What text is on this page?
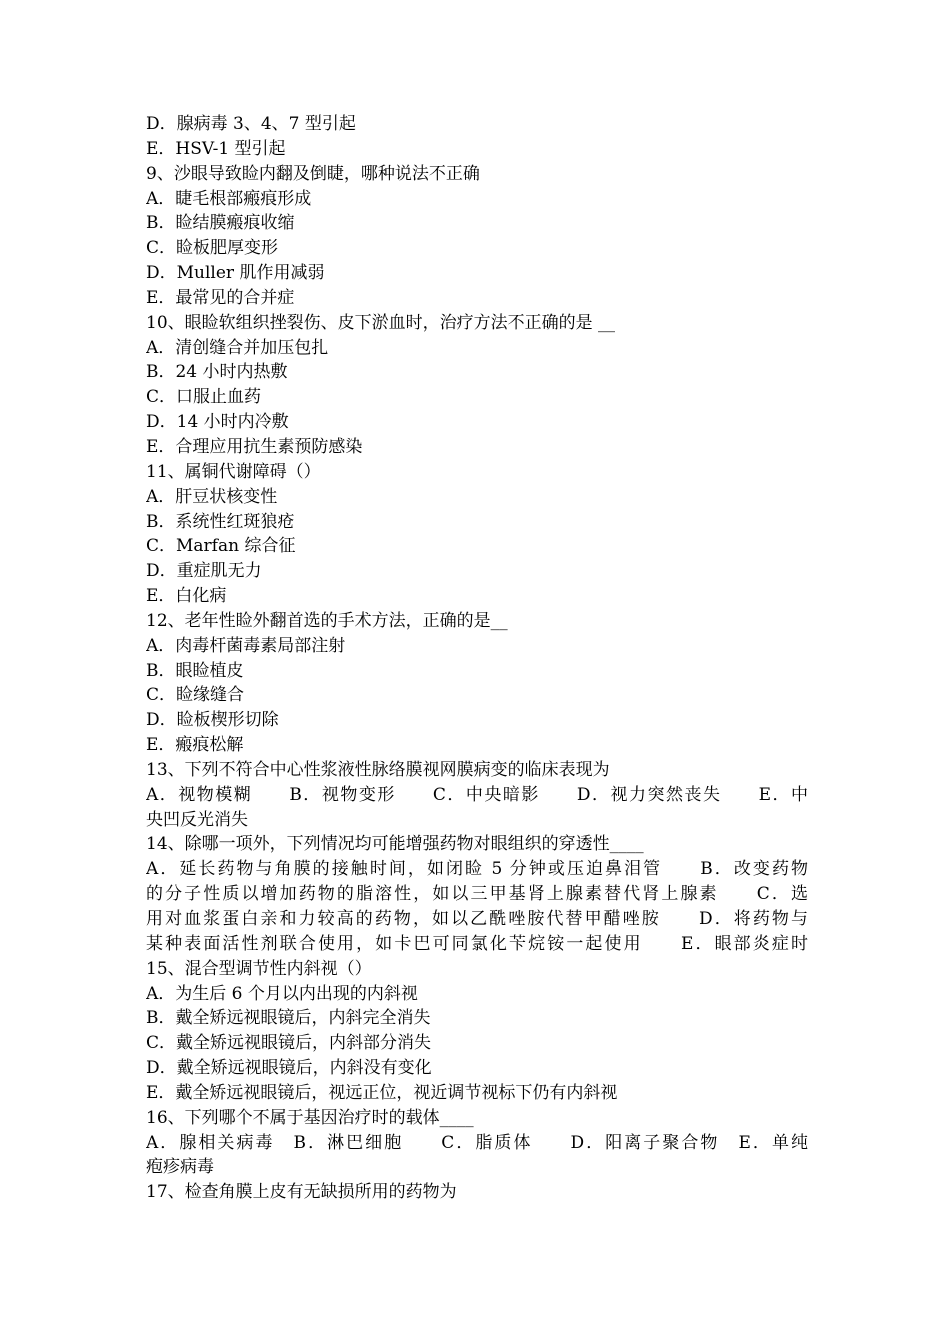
D．腺病毒 3、4、7 型引起
E．HSV-1 型引起
9、沙眼导致睑内翻及倒睫，哪种说法不正确
A．睫毛根部瘢痕形成
B．睑结膜瘢痕收缩
C．睑板肥厚变形
D．Muller 肌作用减弱
E．最常见的合并症
10、眼睑软组织挫裂伤、皮下淤血时，治疗方法不正确的是 __
A．清创缝合并加压包扎
B．24 小时内热敷
C．口服止血药
D．14 小时内冷敷
E．合理应用抗生素预防感染
11、属铜代谢障碍（）
A．肝豆状核变性
B．系统性红斑狼疮
C．Marfan 综合征
D．重症肌无力
E．白化病
12、老年性睑外翻首选的手术方法，正确的是__
A．肉毒杆菌毒素局部注射
B．眼睑植皮
C．睑缘缝合
D．睑板楔形切除
E．瘢痕松解
13、下列不符合中心性浆液性脉络膜视网膜病变的临床表现为
A．视物模糊　　B．视物变形　　C．中央暗影　　D．视力突然丧失　　E．中
央凹反光消失
14、除哪一项外，下列情况均可能增强药物对眼组织的穿透性____
A．延长药物与角膜的接触时间，如闭睑 5 分钟或压迫鼻泪管　　B．改变药物
的分子性质以增加药物的脂溶性，如以三甲基肾上腺素替代肾上腺素　　C．选
用对血浆蛋白亲和力较高的药物，如以乙酰唑胺代替甲醋唑胺　　D．将药物与
某种表面活性剂联合使用，如卡巴可同氯化苄烷铵一起使用　　E．眼部炎症时
15、混合型调节性内斜视（）
A．为生后 6 个月以内出现的内斜视
B．戴全矫远视眼镜后，内斜完全消失
C．戴全矫远视眼镜后，内斜部分消失
D．戴全矫远视眼镜后，内斜没有变化
E．戴全矫远视眼镜后，视远正位，视近调节视标下仍有内斜视
16、下列哪个不属于基因治疗时的载体____
A．腺相关病毒　B．淋巴细胞　　C．脂质体　　D．阳离子聚合物　E．单纯
疱疹病毒
17、检查角膜上皮有无缺损所用的药物为
